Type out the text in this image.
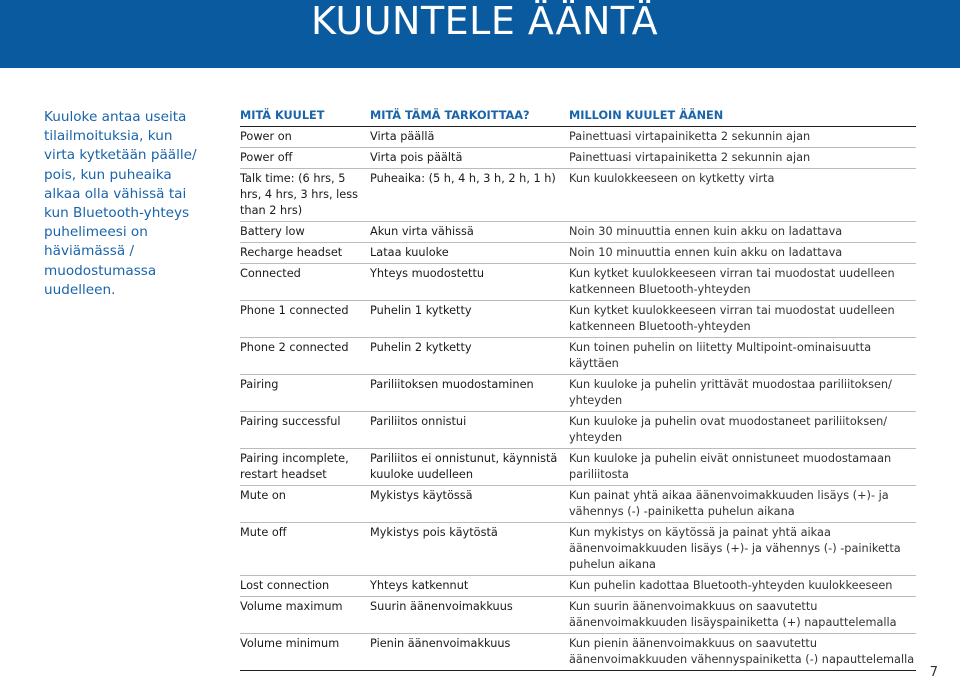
KUUNTELE ÄÄNTÄ

Kuuloke antaa useita tilailmoituksia, kun virta kytketään päälle/ pois, kun puheaika alkaa olla vähissä tai kun Bluetooth-yhteys puhelimeesi on häviämässä / muodostumassa uudelleen.

MITÄ KUULET	MITÄ TÄMÄ TARKOITTAA?	MILLOIN KUULET ÄÄNEN
Power on	Virta päällä	Painettuasi virtapainiketta 2 sekunnin ajan
Power off	Virta pois päältä	Painettuasi virtapainiketta 2 sekunnin ajan
Talk time: (6 hrs, 5 hrs, 4 hrs, 3 hrs, less than 2 hrs)	Puheaika: (5 h, 4 h, 3 h, 2 h, 1 h)	Kun kuulokkeeseen on kytketty virta
Battery low	Akun virta vähissä	Noin 30 minuuttia ennen kuin akku on ladattava
Recharge headset	Lataa kuuloke	Noin 10 minuuttia ennen kuin akku on ladattava
Connected	Yhteys muodostettu	Kun kytket kuulokkeeseen virran tai muodostat uudelleen katkenneen Bluetooth-yhteyden
Phone 1 connected	Puhelin 1 kytketty	Kun kytket kuulokkeeseen virran tai muodostat uudelleen katkenneen Bluetooth-yhteyden
Phone 2 connected	Puhelin 2 kytketty	Kun toinen puhelin on liitetty Multipoint-ominaisuutta käyttäen
Pairing	Pariliitoksen muodostaminen	Kun kuuloke ja puhelin yrittävät muodostaa pariliitoksen/ yhteyden
Pairing successful	Pariliitos onnistui	Kun kuuloke ja puhelin ovat muodostaneet pariliitoksen/ yhteyden
Pairing incomplete, restart headset	Pariliitos ei onnistunut, käynnistä kuuloke uudelleen	Kun kuuloke ja puhelin eivät onnistuneet muodostamaan pariliitosta
Mute on	Mykistys käytössä	Kun painat yhtä aikaa äänenvoimakkuuden lisäys (+)- ja vähennys (-) -painiketta puhelun aikana
Mute off	Mykistys pois käytöstä	Kun mykistys on käytössä ja painat yhtä aikaa äänenvoimakkuuden lisäys (+)- ja vähennys (-) -painiketta puhelun aikana
Lost connection	Yhteys katkennut	Kun puhelin kadottaa Bluetooth-yhteyden kuulokkeeseen
Volume maximum	Suurin äänenvoimakkuus	Kun suurin äänenvoimakkuus on saavutettu äänenvoimakkuuden lisäyspainiketta (+) napauttelemalla
Volume minimum	Pienin äänenvoimakkuus	Kun pienin äänenvoimakkuus on saavutettu äänenvoimakkuuden vähennyspainiketta (-) napauttelemalla
7
